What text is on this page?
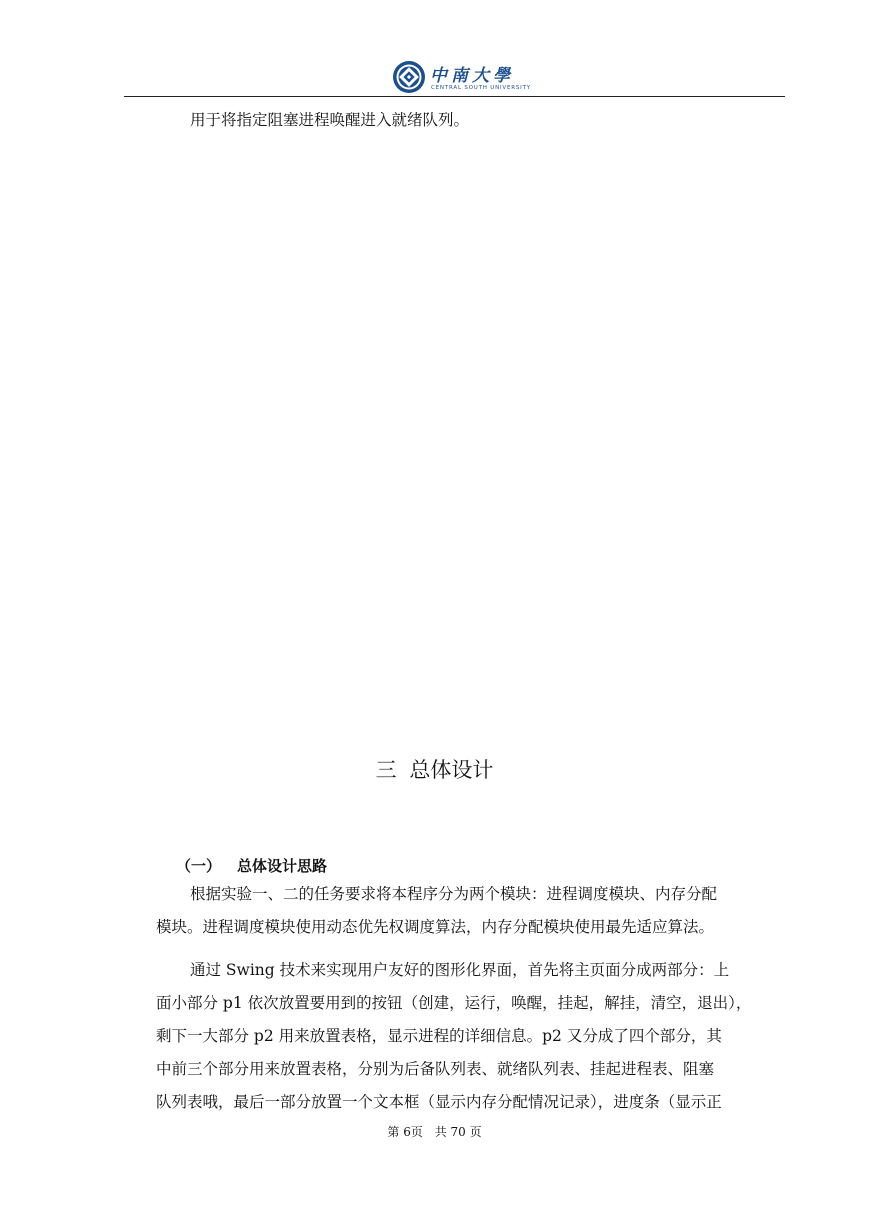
中南大學
CENTRAL SOUTH UNIVERSITY
用于将指定阻塞进程唤醒进入就绪队列。
三 总体设计
（一） 总体设计思路
根据实验一、二的任务要求将本程序分为两个模块：进程调度模块、内存分配
模块。进程调度模块使用动态优先权调度算法，内存分配模块使用最先适应算法。
通过 Swing 技术来实现用户友好的图形化界面，首先将主页面分成两部分：上
面小部分 p1 依次放置要用到的按钮（创建，运行，唤醒，挂起，解挂，清空，退出），
剩下一大部分 p2 用来放置表格，显示进程的详细信息。p2 又分成了四个部分，其
中前三个部分用来放置表格，分别为后备队列表、就绪队列表、挂起进程表、阻塞
队列表哦，最后一部分放置一个文本框（显示内存分配情况记录），进度条（显示正
第 6页 共 70 页
